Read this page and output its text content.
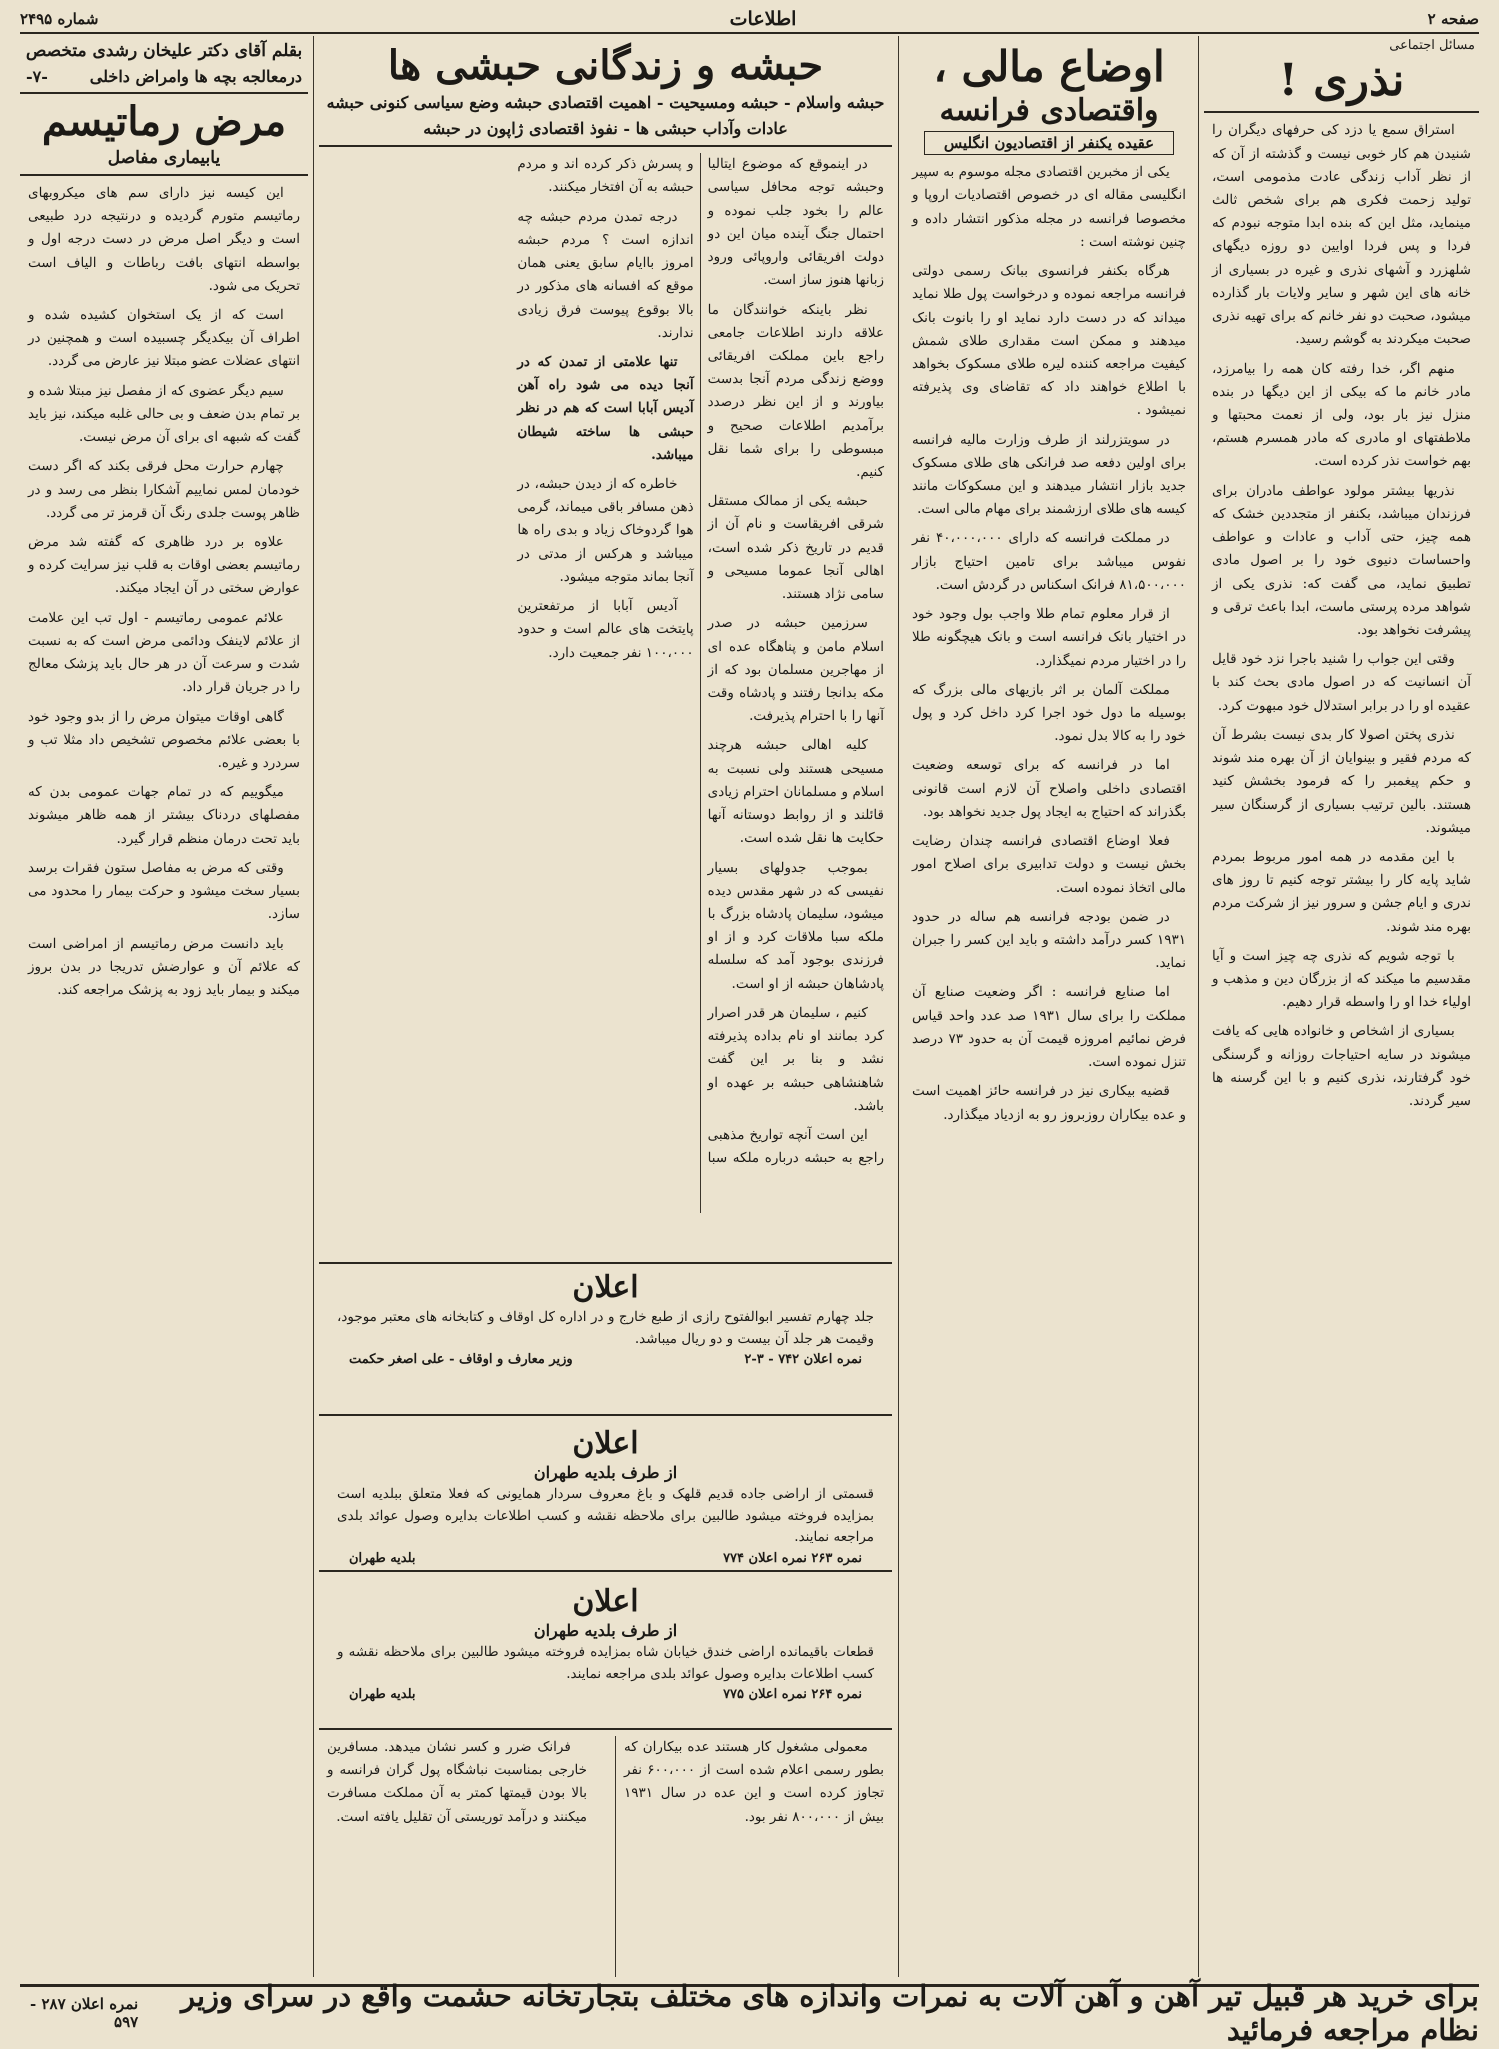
صفحه ۲
اطلاعات
شماره ۲۴۹۵
مسائل اجتماعی
نذری !

استراق سمع یا دزد کی حرفهای دیگران را شنیدن هم کار خوبی نیست و گذشته از آن که از نظر آداب زندگی عادت مذمومی است، تولید زحمت فکری هم برای شخص ثالث مینماید، مثل این که بنده ابدا متوجه نبودم که فردا و پس فردا اوایین دو روزه دیگهای شلهزرد و آشهای نذری و غیره در بسیاری از خانه های این شهر و سایر ولایات بار گذارده میشود، صحبت دو نفر خانم که برای تهیه نذری صحبت میکردند به گوشم رسید.

منهم اگر، خدا رفته کان همه را بیامرزد، مادر خانم ما که بیکی از این دیگها در بنده منزل نیز بار بود، ولی از نعمت محبتها و ملاطفتهای او مادری که مادر همسرم هستم، بهم خواست نذر کرده است.

نذریها بیشتر مولود عواطف مادران برای فرزندان میباشد، بکنفر از متجددین خشک که همه چیز، حتی آداب و عادات و عواطف واحساسات دنیوی خود را بر اصول مادی تطبیق نماید، می گفت که: نذری یکی از شواهد مرده پرستی ماست، ابدا باعث ترقی و پیشرفت نخواهد بود.

وقتی این جواب را شنید باجرا نزد خود قایل آن انسانیت که در اصول مادی بحث کند با عقیده او را در برابر استدلال خود مبهوت کرد.

نذری پختن اصولا کار بدی نیست بشرط آن که مردم فقیر و بینوایان از آن بهره مند شوند و حکم پیغمبر را که فرمود بخشش کنید هستند. بالین ترتیب بسیاری از گرسنگان سیر میشوند.

با این مقدمه در همه امور مربوط بمردم شاید پایه کار را بیشتر توجه کنیم تا روز های ندری و ایام جشن و سرور نیز از شرکت مردم بهره مند شوند.

با توجه شویم که نذری چه چیز است و آیا مقدسیم ما میکند که از بزرگان دین و مذهب و اولیاء خدا او را واسطه قرار دهیم.

بسیاری از اشخاص و خانواده هایی که یافت میشوند در سایه احتیاجات روزانه و گرسنگی خود گرفتارند، نذری کنیم و با این گرسنه ها سیر گردند.

اوضاع مالی ،
واقتصادی فرانسه
عقیده یکنفر از اقتصادیون انگلیس

یکی از مخبرین اقتصادی مجله موسوم به سپیر انگلیسی مقاله ای در خصوص اقتصادیات اروپا و مخصوصا فرانسه در مجله مذکور انتشار داده و چنین نوشته است :

هرگاه بکنفر فرانسوی ببانک رسمی دولتی فرانسه مراجعه نموده و درخواست پول طلا نماید میداند که در دست دارد نماید او را بانوت بانک میدهند و ممکن است مقداری طلای شمش کیفیت مراجعه کننده لیره طلای مسکوک بخواهد با اطلاع خواهند داد که تقاضای وی پذیرفته نمیشود .

در سویتزرلند از طرف وزارت مالیه فرانسه برای اولین دفعه صد فرانکی های طلای مسکوک جدید بازار انتشار میدهند و این مسکوکات مانند کیسه های طلای ارزشمند برای مهام مالی است.

در مملکت فرانسه که دارای ۴۰،۰۰۰،۰۰۰ نفر نفوس میباشد برای تامین احتیاج بازار ۸۱،۵۰۰،۰۰۰ فرانک اسکناس در گردش است.

از قرار معلوم تمام طلا واجب بول وجود خود در اختیار بانک فرانسه است و بانک هیچگونه طلا را در اختیار مردم نمیگذارد.

مملکت آلمان بر اثر بازیهای مالی بزرگ که بوسیله ما دول خود اجرا کرد داخل کرد و پول خود را به کالا بدل نمود.

اما در فرانسه که برای توسعه وضعیت اقتصادی داخلی واصلاح آن لازم است قانونی بگذراند که احتیاج به ایجاد پول جدید نخواهد بود.

فعلا اوضاع اقتصادی فرانسه چندان رضایت بخش نیست و دولت تدابیری برای اصلاح امور مالی اتخاذ نموده است.

در ضمن بودجه فرانسه هم ساله در حدود ۱۹۳۱ کسر درآمد داشته و باید این کسر را جبران نماید.

اما صنایع فرانسه : اگر وضعیت صنایع آن مملکت را برای سال ۱۹۳۱ صد عدد واحد قیاس فرض نمائیم امروزه قیمت آن به حدود ۷۳ درصد تنزل نموده است.

قضیه بیکاری نیز در فرانسه حائز اهمیت است و عده بیکاران روزبروز رو به ازدیاد میگذارد.

حبشه و زندگانی حبشی ها
حبشه واسلام - حبشه ومسیحیت - اهمیت اقتصادی حبشه وضع سیاسی کنونی حبشه
عادات وآداب حبشی ها - نفوذ اقتصادی ژاپون در حبشه

در اینموقع که موضوع ایتالیا وحبشه توجه محافل سیاسی عالم را بخود جلب نموده و احتمال جنگ آینده میان این دو دولت افریقائی واروپائی ورود زبانها هنوز ساز است.

نظر باینکه خوانندگان ما علاقه دارند اطلاعات جامعی راجع باین مملکت افریقائی ووضع زندگی مردم آنجا بدست بیاورند و از این نظر درصدد برآمدیم اطلاعات صحیح و مبسوطی را برای شما نقل کنیم.

حبشه یکی از ممالک مستقل شرقی افریقاست و نام آن از قدیم در تاریخ ذکر شده است، اهالی آنجا عموما مسیحی و سامی نژاد هستند.

سرزمین حبشه در صدر اسلام مامن و پناهگاه عده ای از مهاجرین مسلمان بود که از مکه بدانجا رفتند و پادشاه وقت آنها را با احترام پذیرفت.

کلیه اهالی حبشه هرچند مسیحی هستند ولی نسبت به اسلام و مسلمانان احترام زیادی قائلند و از روابط دوستانه آنها حکایت ها نقل شده است.

بموجب جدولهای بسیار نفیسی که در شهر مقدس دیده میشود، سلیمان پادشاه بزرگ با ملکه سبا ملاقات کرد و از او فرزندی بوجود آمد که سلسله پادشاهان حبشه از او است.

کنیم ، سلیمان هر قدر اصرار کرد بمانند او نام بداده پذیرفته نشد و بنا بر این گفت شاهنشاهی حبشه بر عهده او باشد.

این است آنچه تواریخ مذهبی راجع به حبشه درباره ملکه سبا و پسرش ذکر کرده اند و مردم حبشه به آن افتخار میکنند.

درجه تمدن مردم حبشه چه اندازه است ؟ مردم حبشه امروز باایام سابق یعنی همان موقع که افسانه های مذکور در بالا بوقوع پیوست فرق زیادی ندارند.

تنها علامتی از تمدن که در آنجا دیده می شود راه آهن آدیس آبابا است که هم در نظر حبشی ها ساخته شیطان میباشد.

خاطره که از دیدن حبشه، در ذهن مسافر باقی میماند، گرمی هوا گردوخاک زیاد و بدی راه ها میباشد و هرکس از مدتی در آنجا بماند متوجه میشود.

آدیس آبابا از مرتفعترین پایتخت های عالم است و حدود ۱۰۰،۰۰۰ نفر جمعیت دارد.

اعلان
جلد چهارم تفسیر ابوالفتوح رازی از طبع خارج و در اداره کل اوقاف و کتابخانه های معتبر موجود، وقیمت هر جلد آن بیست و دو ریال میباشد.
نمره اعلان ۷۴۲ - ۳-۲
وزیر معارف و اوقاف - علی اصغر حکمت
اعلان
از طرف بلدیه طهران
قسمتی از اراضی جاده قدیم قلهک و باغ معروف سردار همایونی که فعلا متعلق ببلدیه است بمزایده فروخته میشود طالبین برای ملاحظه نقشه و کسب اطلاعات بدایره وصول عوائد بلدی مراجعه نمایند.
نمره ۲۶۳ نمره اعلان ۷۷۴
بلدیه طهران
اعلان
از طرف بلدیه طهران
قطعات باقیمانده اراضی خندق خیابان شاه بمزایده فروخته میشود طالبین برای ملاحظه نقشه و کسب اطلاعات بدایره وصول عوائد بلدی مراجعه نمایند.
نمره ۲۶۴ نمره اعلان ۷۷۵
بلدیه طهران

معمولی مشغول کار هستند عده بیکاران که بطور رسمی اعلام شده است از ۶۰۰،۰۰۰ نفر تجاوز کرده است و این عده در سال ۱۹۳۱ بیش از ۸۰۰،۰۰۰ نفر بود.

فرانک ضرر و کسر نشان میدهد. مسافرین خارجی بمناسبت نباشگاه پول گران فرانسه و بالا بودن قیمتها کمتر به آن مملکت مسافرت میکنند و درآمد توریستی آن تقلیل یافته است.

بقلم آقای دکتر علیخان رشدی متخصص
درمعالجه بچه ها وامراض داخلی
-۷-
مرض رماتیسم
یابیماری مفاصل

این کیسه نیز دارای سم های میکروبهای رماتیسم متورم گردیده و درنتیجه درد طبیعی است و دیگر اصل مرض در دست درجه اول و بواسطه انتهای بافت رباطات و الیاف است تحریک می شود.

است که از یک استخوان کشیده شده و اطراف آن بیکدیگر چسبیده است و همچنین در انتهای عضلات عضو مبتلا نیز عارض می گردد.

سیم دیگر عضوی که از مفصل نیز مبتلا شده و بر تمام بدن ضعف و بی حالی غلبه میکند، نیز باید گفت که شبهه ای برای آن مرض نیست.

چهارم حرارت محل فرقی بکند که اگر دست خودمان لمس نماییم آشکارا بنظر می رسد و در ظاهر پوست جلدی رنگ آن قرمز تر می گردد.

علاوه بر درد ظاهری که گفته شد مرض رماتیسم بعضی اوقات به قلب نیز سرایت کرده و عوارض سختی در آن ایجاد میکند.

علائم عمومی رماتیسم - اول تب این علامت از علائم لاینفک ودائمی مرض است که به نسبت شدت و سرعت آن در هر حال باید پزشک معالج را در جریان قرار داد.

گاهی اوقات میتوان مرض را از بدو وجود خود با بعضی علائم مخصوص تشخیص داد مثلا تب و سردرد و غیره.

میگوییم که در تمام جهات عمومی بدن که مفصلهای دردناک بیشتر از همه ظاهر میشوند باید تحت درمان منظم قرار گیرد.

وقتی که مرض به مفاصل ستون فقرات برسد بسیار سخت میشود و حرکت بیمار را محدود می سازد.

باید دانست مرض رماتیسم از امراضی است که علائم آن و عوارضش تدریجا در بدن بروز میکند و بیمار باید زود به پزشک مراجعه کند.

برای خرید هر قبیل تیر آهن و آهن آلات به نمرات واندازه های مختلف بتجارتخانه حشمت واقع در سرای وزیر نظام مراجعه فرمائید
نمره اعلان ۲۸۷ - ۵۹۷
